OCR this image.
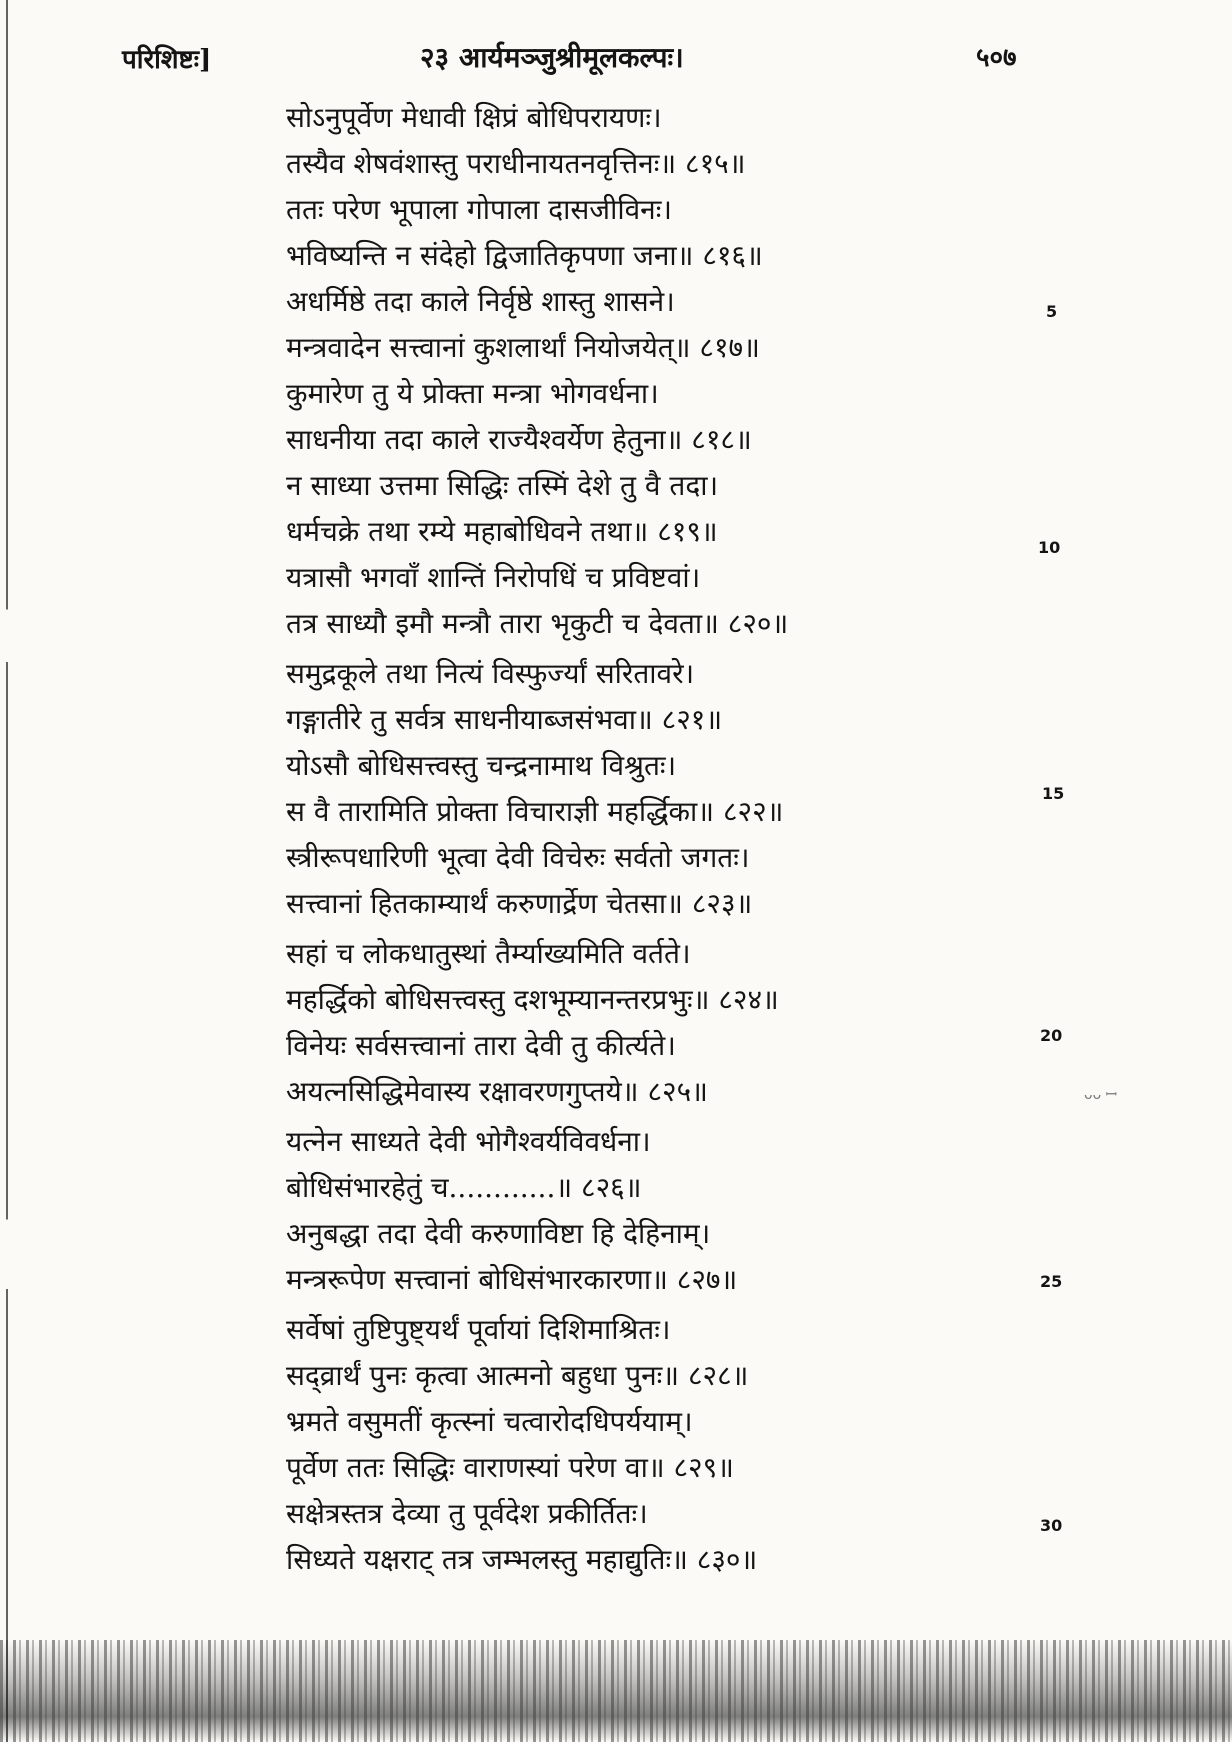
परिशिष्टः]	२३ आर्यमञ्जुश्रीमूलकल्पः।	५०७
सोऽनुपूर्वेण मेधावी क्षिप्रं बोधिपरायणः।
तस्यैव शेषवंशास्तु पराधीनायतनवृत्तिनः॥ ८१५॥
ततः परेण भूपाला गोपाला दासजीविनः।
भविष्यन्ति न संदेहो द्विजातिकृपणा जना॥ ८१६॥
अधर्मिष्ठे तदा काले निर्वृष्ठे शास्तु शासने।
मन्त्रवादेन सत्त्वानां कुशलार्थां नियोजयेत्॥ ८१७॥
कुमारेण तु ये प्रोक्ता मन्त्रा भोगवर्धना।
साधनीया तदा काले राज्यैश्वर्येण हेतुना॥ ८१८॥
न साध्या उत्तमा सिद्धिः तस्मिं देशे तु वै तदा।
धर्मचक्रे तथा रम्ये महाबोधिवने तथा॥ ८१९॥
यत्रासौ भगवाँ शान्तिं निरोपधिं च प्रविष्टवां।
तत्र साध्यौ इमौ मन्त्रौ तारा भृकुटी च देवता॥ ८२०॥
समुद्रकूले तथा नित्यं विस्फुर्ज्यां सरितावरे।
गङ्गातीरे तु सर्वत्र साधनीयाब्जसंभवा॥ ८२१॥
योऽसौ बोधिसत्त्वस्तु चन्द्रनामाथ विश्रुतः।
स वै तारामिति प्रोक्ता विचाराज्ञी महर्द्धिका॥ ८२२॥
स्त्रीरूपधारिणी भूत्वा देवी विचेरुः सर्वतो जगतः।
सत्त्वानां हितकाम्यार्थं करुणार्द्रेण चेतसा॥ ८२३॥
सहां च लोकधातुस्थां तैर्म्याख्यमिति वर्तते।
महर्द्धिको बोधिसत्त्वस्तु दशभूम्यानन्तरप्रभुः॥ ८२४॥
विनेयः सर्वसत्त्वानां तारा देवी तु कीर्त्यते।
अयत्नसिद्धिमेवास्य रक्षावरणगुप्तये॥ ८२५॥
यत्नेन साध्यते देवी भोगैश्वर्यविवर्धना।
बोधिसंभारहेतुं च............॥ ८२६॥
अनुबद्धा तदा देवी करुणाविष्टा हि देहिनाम्।
मन्त्ररूपेण सत्त्वानां बोधिसंभारकारणा॥ ८२७॥
सर्वेषां तुष्टिपुष्ट्यर्थं पूर्वायां दिशिमाश्रितः।
सद्व्रार्थं पुनः कृत्वा आत्मनो बहुधा पुनः॥ ८२८॥
भ्रमते वसुमतीं कृत्स्नां चत्वारोदधिपर्ययाम्।
पूर्वेण ततः सिद्धिः वाराणस्यां परेण वा॥ ८२९॥
सक्षेत्रस्तत्र देव्या तु पूर्वदेश प्रकीर्तितः।
सिध्यते यक्षराट् तत्र जम्भलस्तु महाद्युतिः॥ ८३०॥
5
10
15
20
25
30
ᴗᴗ ꟷ
